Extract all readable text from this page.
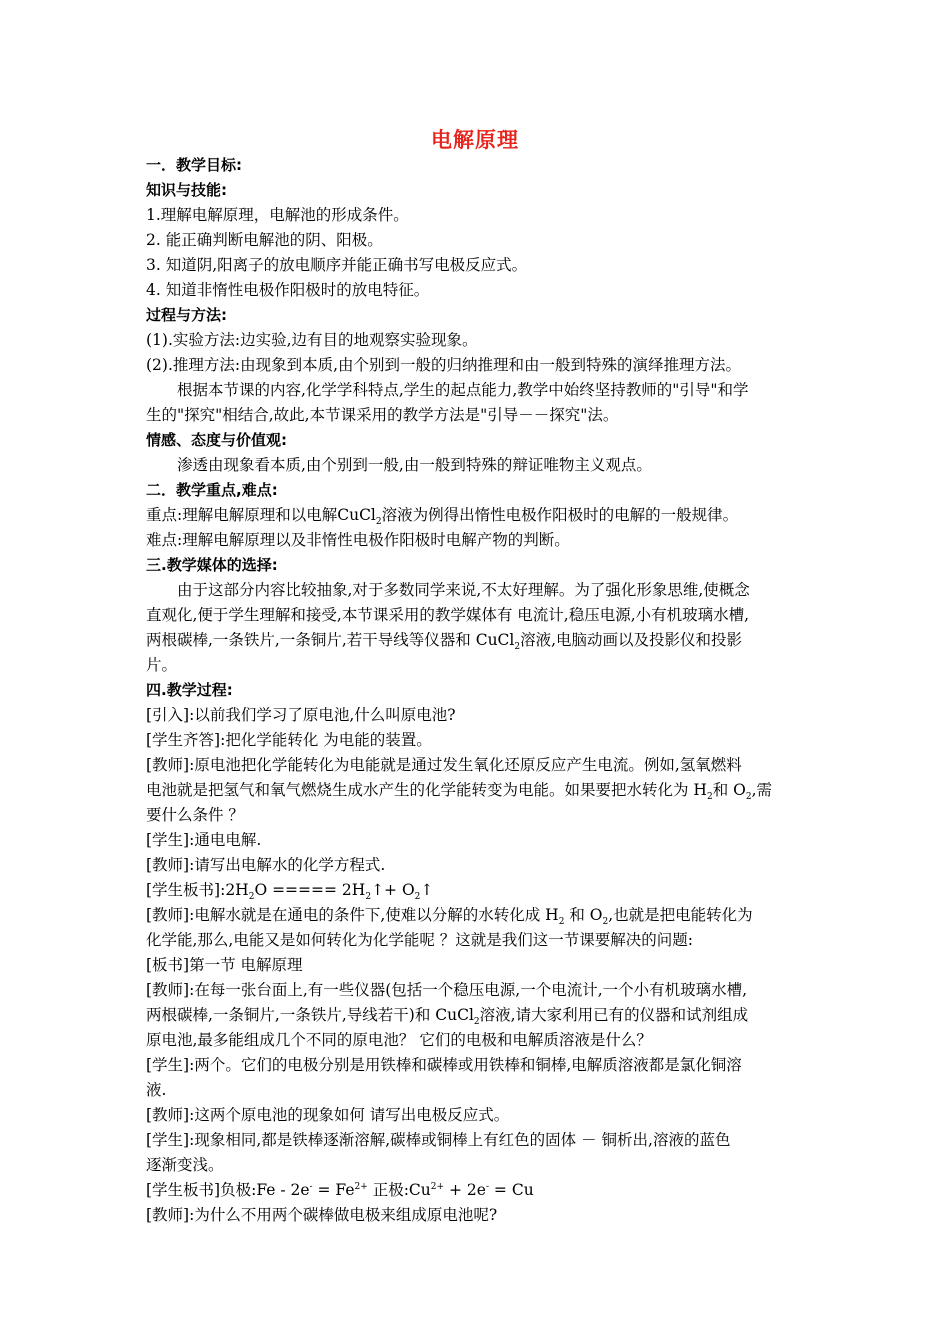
电解原理
一．教学目标:
知识与技能:
1.理解电解原理，电解池的形成条件。
2. 能正确判断电解池的阴、阳极。
3. 知道阴,阳离子的放电顺序并能正确书写电极反应式。
4. 知道非惰性电极作阳极时的放电特征。
过程与方法:
(1).实验方法:边实验,边有目的地观察实验现象。
(2).推理方法:由现象到本质,由个别到一般的归纳推理和由一般到特殊的演绎推理方法。
根据本节课的内容,化学学科特点,学生的起点能力,教学中始终坚持教师的"引导"和学
生的"探究"相结合,故此,本节课采用的教学方法是"引导－－探究"法。
情感、态度与价值观:
渗透由现象看本质,由个别到一般,由一般到特殊的辩证唯物主义观点。
二．教学重点,难点:
重点:理解电解原理和以电解CuCl$_2$溶液为例得出惰性电极作阳极时的电解的一般规律。
难点:理解电解原理以及非惰性电极作阳极时电解产物的判断。
三.教学媒体的选择:
由于这部分内容比较抽象,对于多数同学来说,不太好理解。为了强化形象思维,使概念
直观化,便于学生理解和接受,本节课采用的教学媒体有 电流计,稳压电源,小有机玻璃水槽,
两根碳棒,一条铁片,一条铜片,若干导线等仪器和 CuCl$_2$溶液,电脑动画以及投影仪和投影
片。
四.教学过程:
[引入]:以前我们学习了原电池,什么叫原电池?
[学生齐答]:把化学能转化 为电能的装置。
[教师]:原电池把化学能转化为电能就是通过发生氧化还原反应产生电流。例如,氢氧燃料
电池就是把氢气和氧气燃烧生成水产生的化学能转变为电能。如果要把水转化为 $H_2$和 $O_2$,需
要什么条件 ？
[学生]:通电电解.
[教师]:请写出电解水的化学方程式.
[学生板书]$:2H_2O$ ===== $2H_2↑+$ $O_2↑$
[教师]:电解水就是在通电的条件下,使难以分解的水转化成 $H_2$ 和 $O_2$,也就是把电能转化为
化学能,那么,电能又是如何转化为化学能呢 ？这就是我们这一节课要解决的问题:
[板书]第一节 电解原理
[教师]:在每一张台面上,有一些仪器(包括一个稳压电源,一个电流计,一个小有机玻璃水槽,
两根碳棒,一条铜片,一条铁片,导线若干)和 CuCl$_2$溶液,请大家利用已有的仪器和试剂组成
原电池,最多能组成几个不同的原电池？ 它们的电极和电解质溶液是什么？
[学生]:两个。它们的电极分别是用铁棒和碳棒或用铁棒和铜棒,电解质溶液都是氯化铜溶
液.
[教师]:这两个原电池的现象如何 请写出电极反应式。
[学生]:现象相同,都是铁棒逐渐溶解,碳棒或铜棒上有红色的固体 － 铜析出,溶液的蓝色
逐渐变浅。
[学生板书]负极:Fe - $2e^- = Fe^{2+}$ 正极$:Cu^{2+} + 2e^- = Cu$
[教师]:为什么不用两个碳棒做电极来组成原电池呢?
